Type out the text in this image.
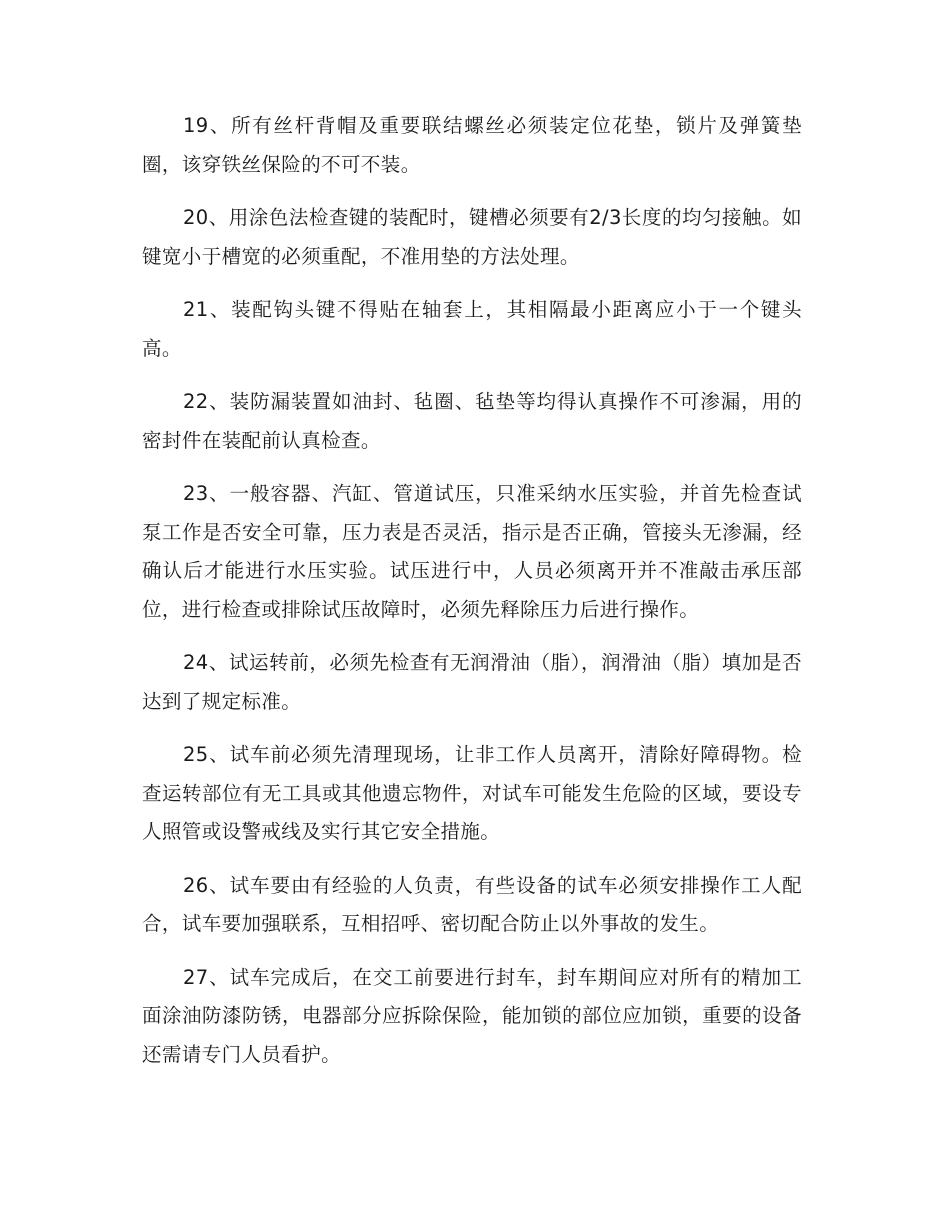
19、所有丝杆背帽及重要联结螺丝必须装定位花垫，锁片及弹簧垫圈，该穿铁丝保险的不可不装。

20、用涂色法检查键的装配时，键槽必须要有2/3长度的均匀接触。如键宽小于槽宽的必须重配，不准用垫的方法处理。

21、装配钩头键不得贴在轴套上，其相隔最小距离应小于一个键头高。

22、装防漏装置如油封、毡圈、毡垫等均得认真操作不可渗漏，用的密封件在装配前认真检查。

23、一般容器、汽缸、管道试压，只准采纳水压实验，并首先检查试泵工作是否安全可靠，压力表是否灵活，指示是否正确，管接头无渗漏，经确认后才能进行水压实验。试压进行中，人员必须离开并不准敲击承压部位，进行检查或排除试压故障时，必须先释除压力后进行操作。

24、试运转前，必须先检查有无润滑油（脂），润滑油（脂）填加是否达到了规定标准。

25、试车前必须先清理现场，让非工作人员离开，清除好障碍物。检查运转部位有无工具或其他遗忘物件，对试车可能发生危险的区域，要设专人照管或设警戒线及实行其它安全措施。

26、试车要由有经验的人负责，有些设备的试车必须安排操作工人配合，试车要加强联系，互相招呼、密切配合防止以外事故的发生。

27、试车完成后，在交工前要进行封车，封车期间应对所有的精加工面涂油防漆防锈，电器部分应拆除保险，能加锁的部位应加锁，重要的设备还需请专门人员看护。
